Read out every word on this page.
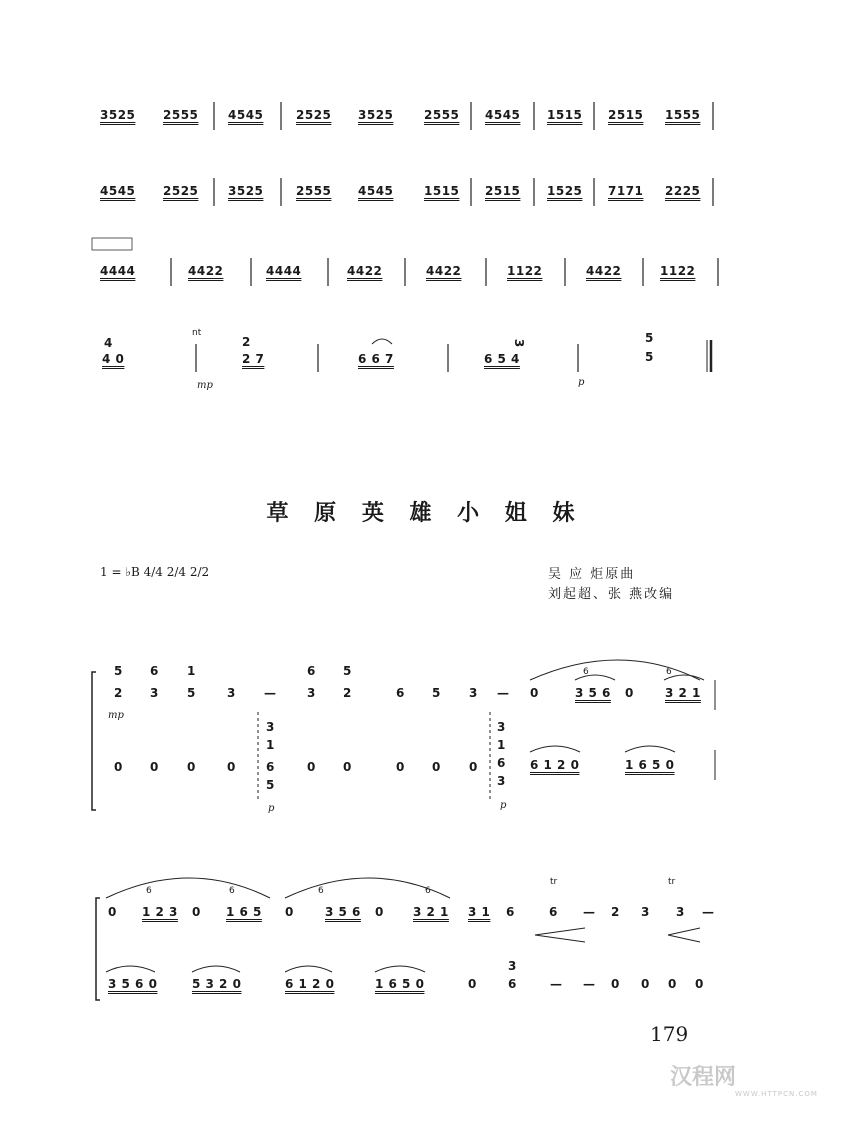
3525 2555 4545	2525 3525	2555 4545 1515 2515 1555
4545 2525 3525	2555 4545	1515 2515 1525 7171 2225
4444	4422	4444	4422	4422	1122	4422	1122
4
4 0
nt
2
2 7	6 6 7
3
6 5 4
5
5
mp	p
草 原 英 雄 小 姐 妹
1 = ♭B 4/4 2/4 2/2	吴 应 炬原曲
刘起超、张 燕改编
5 6 1	6 5
2 3 5	3 —	3 2	6 5 3 — 0	3 5 6 0	3 2 1
6	6
mp
0 0 0	0	0 0	0 0 0
3
1
6
5
3
1
6
3
6 1 2 0	1 6 5 0
p	p
0 1 2 3 0 1 6 5 0	3 5 6 0 3 2 1 3 1 6	6 — 2 3 3 —
tr	tr
6	6	6	6
3 5 6 0	5 3 2 0	6 1 2 0	1 6 5 0	0
3
6	— — 0 0 0 0
179
汉程网
WWW.HTTPCN.COM
